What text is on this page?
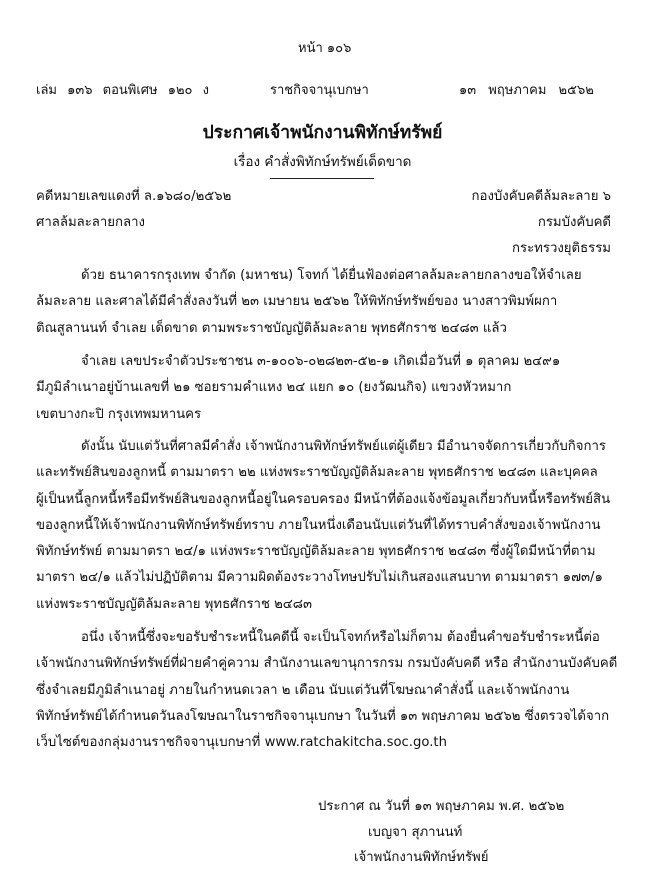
หน้า ๑๐๖
เล่ม ๑๓๖ ตอนพิเศษ ๑๒๐ ง	ราชกิจจานุเบกษา	๑๓ พฤษภาคม ๒๕๖๒
ประกาศเจ้าพนักงานพิทักษ์ทรัพย์
เรื่อง คำสั่งพิทักษ์ทรัพย์เด็ดขาด
คดีหมายเลขแดงที่ ล.๑๖๘๐/๒๕๖๒
ศาลล้มละลายกลาง
กองบังคับคดีล้มละลาย ๖
กรมบังคับคดี
กระทรวงยุติธรรม
ด้วย ธนาคารกรุงเทพ จำกัด (มหาชน) โจทก์ ได้ยื่นฟ้องต่อศาลล้มละลายกลางขอให้จำเลย
ล้มละลาย และศาลได้มีคำสั่งลงวันที่ ๒๓ เมษายน ๒๕๖๒ ให้พิทักษ์ทรัพย์ของ นางสาวพิมพ์ผกา
ติณสูลานนท์ จำเลย เด็ดขาด ตามพระราชบัญญัติล้มละลาย พุทธศักราช ๒๔๘๓ แล้ว
จำเลย เลขประจำตัวประชาชน ๓-๑๐๐๖-๐๒๘๒๓-๕๒-๑ เกิดเมื่อวันที่ ๑ ตุลาคม ๒๔๙๑
มีภูมิลำเนาอยู่บ้านเลขที่ ๒๑ ซอยรามคำแหง ๒๔ แยก ๑๐ (ยงวัฒนกิจ) แขวงหัวหมาก
เขตบางกะปิ กรุงเทพมหานคร
ดังนั้น นับแต่วันที่ศาลมีคำสั่ง เจ้าพนักงานพิทักษ์ทรัพย์แต่ผู้เดียว มีอำนาจจัดการเกี่ยวกับกิจการ
และทรัพย์สินของลูกหนี้ ตามมาตรา ๒๒ แห่งพระราชบัญญัติล้มละลาย พุทธศักราช ๒๔๘๓ และบุคคล
ผู้เป็นหนี้ลูกหนี้หรือมีทรัพย์สินของลูกหนี้อยู่ในครอบครอง มีหน้าที่ต้องแจ้งข้อมูลเกี่ยวกับหนี้หรือทรัพย์สิน
ของลูกหนี้ให้เจ้าพนักงานพิทักษ์ทรัพย์ทราบ ภายในหนึ่งเดือนนับแต่วันที่ได้ทราบคำสั่งของเจ้าพนักงาน
พิทักษ์ทรัพย์ ตามมาตรา ๒๔/๑ แห่งพระราชบัญญัติล้มละลาย พุทธศักราช ๒๔๘๓ ซึ่งผู้ใดมีหน้าที่ตาม
มาตรา ๒๔/๑ แล้วไม่ปฏิบัติตาม มีความผิดต้องระวางโทษปรับไม่เกินสองแสนบาท ตามมาตรา ๑๗๓/๑
แห่งพระราชบัญญัติล้มละลาย พุทธศักราช ๒๔๘๓
อนึ่ง เจ้าหนี้ซึ่งจะขอรับชำระหนี้ในคดีนี้ จะเป็นโจทก์หรือไม่ก็ตาม ต้องยื่นคำขอรับชำระหนี้ต่อ
เจ้าพนักงานพิทักษ์ทรัพย์ที่ฝ่ายคำคู่ความ สำนักงานเลขานุการกรม กรมบังคับคดี หรือ สำนักงานบังคับคดี
ซึ่งจำเลยมีภูมิลำเนาอยู่ ภายในกำหนดเวลา ๒ เดือน นับแต่วันที่โฆษณาคำสั่งนี้ และเจ้าพนักงาน
พิทักษ์ทรัพย์ได้กำหนดวันลงโฆษณาในราชกิจจานุเบกษา ในวันที่ ๑๓ พฤษภาคม ๒๕๖๒ ซึ่งตรวจได้จาก
เว็บไซต์ของกลุ่มงานราชกิจจานุเบกษาที่ www.ratchakitcha.soc.go.th
ประกาศ ณ วันที่ ๑๓ พฤษภาคม พ.ศ. ๒๕๖๒
เบญจา สุภานนท์
เจ้าพนักงานพิทักษ์ทรัพย์
